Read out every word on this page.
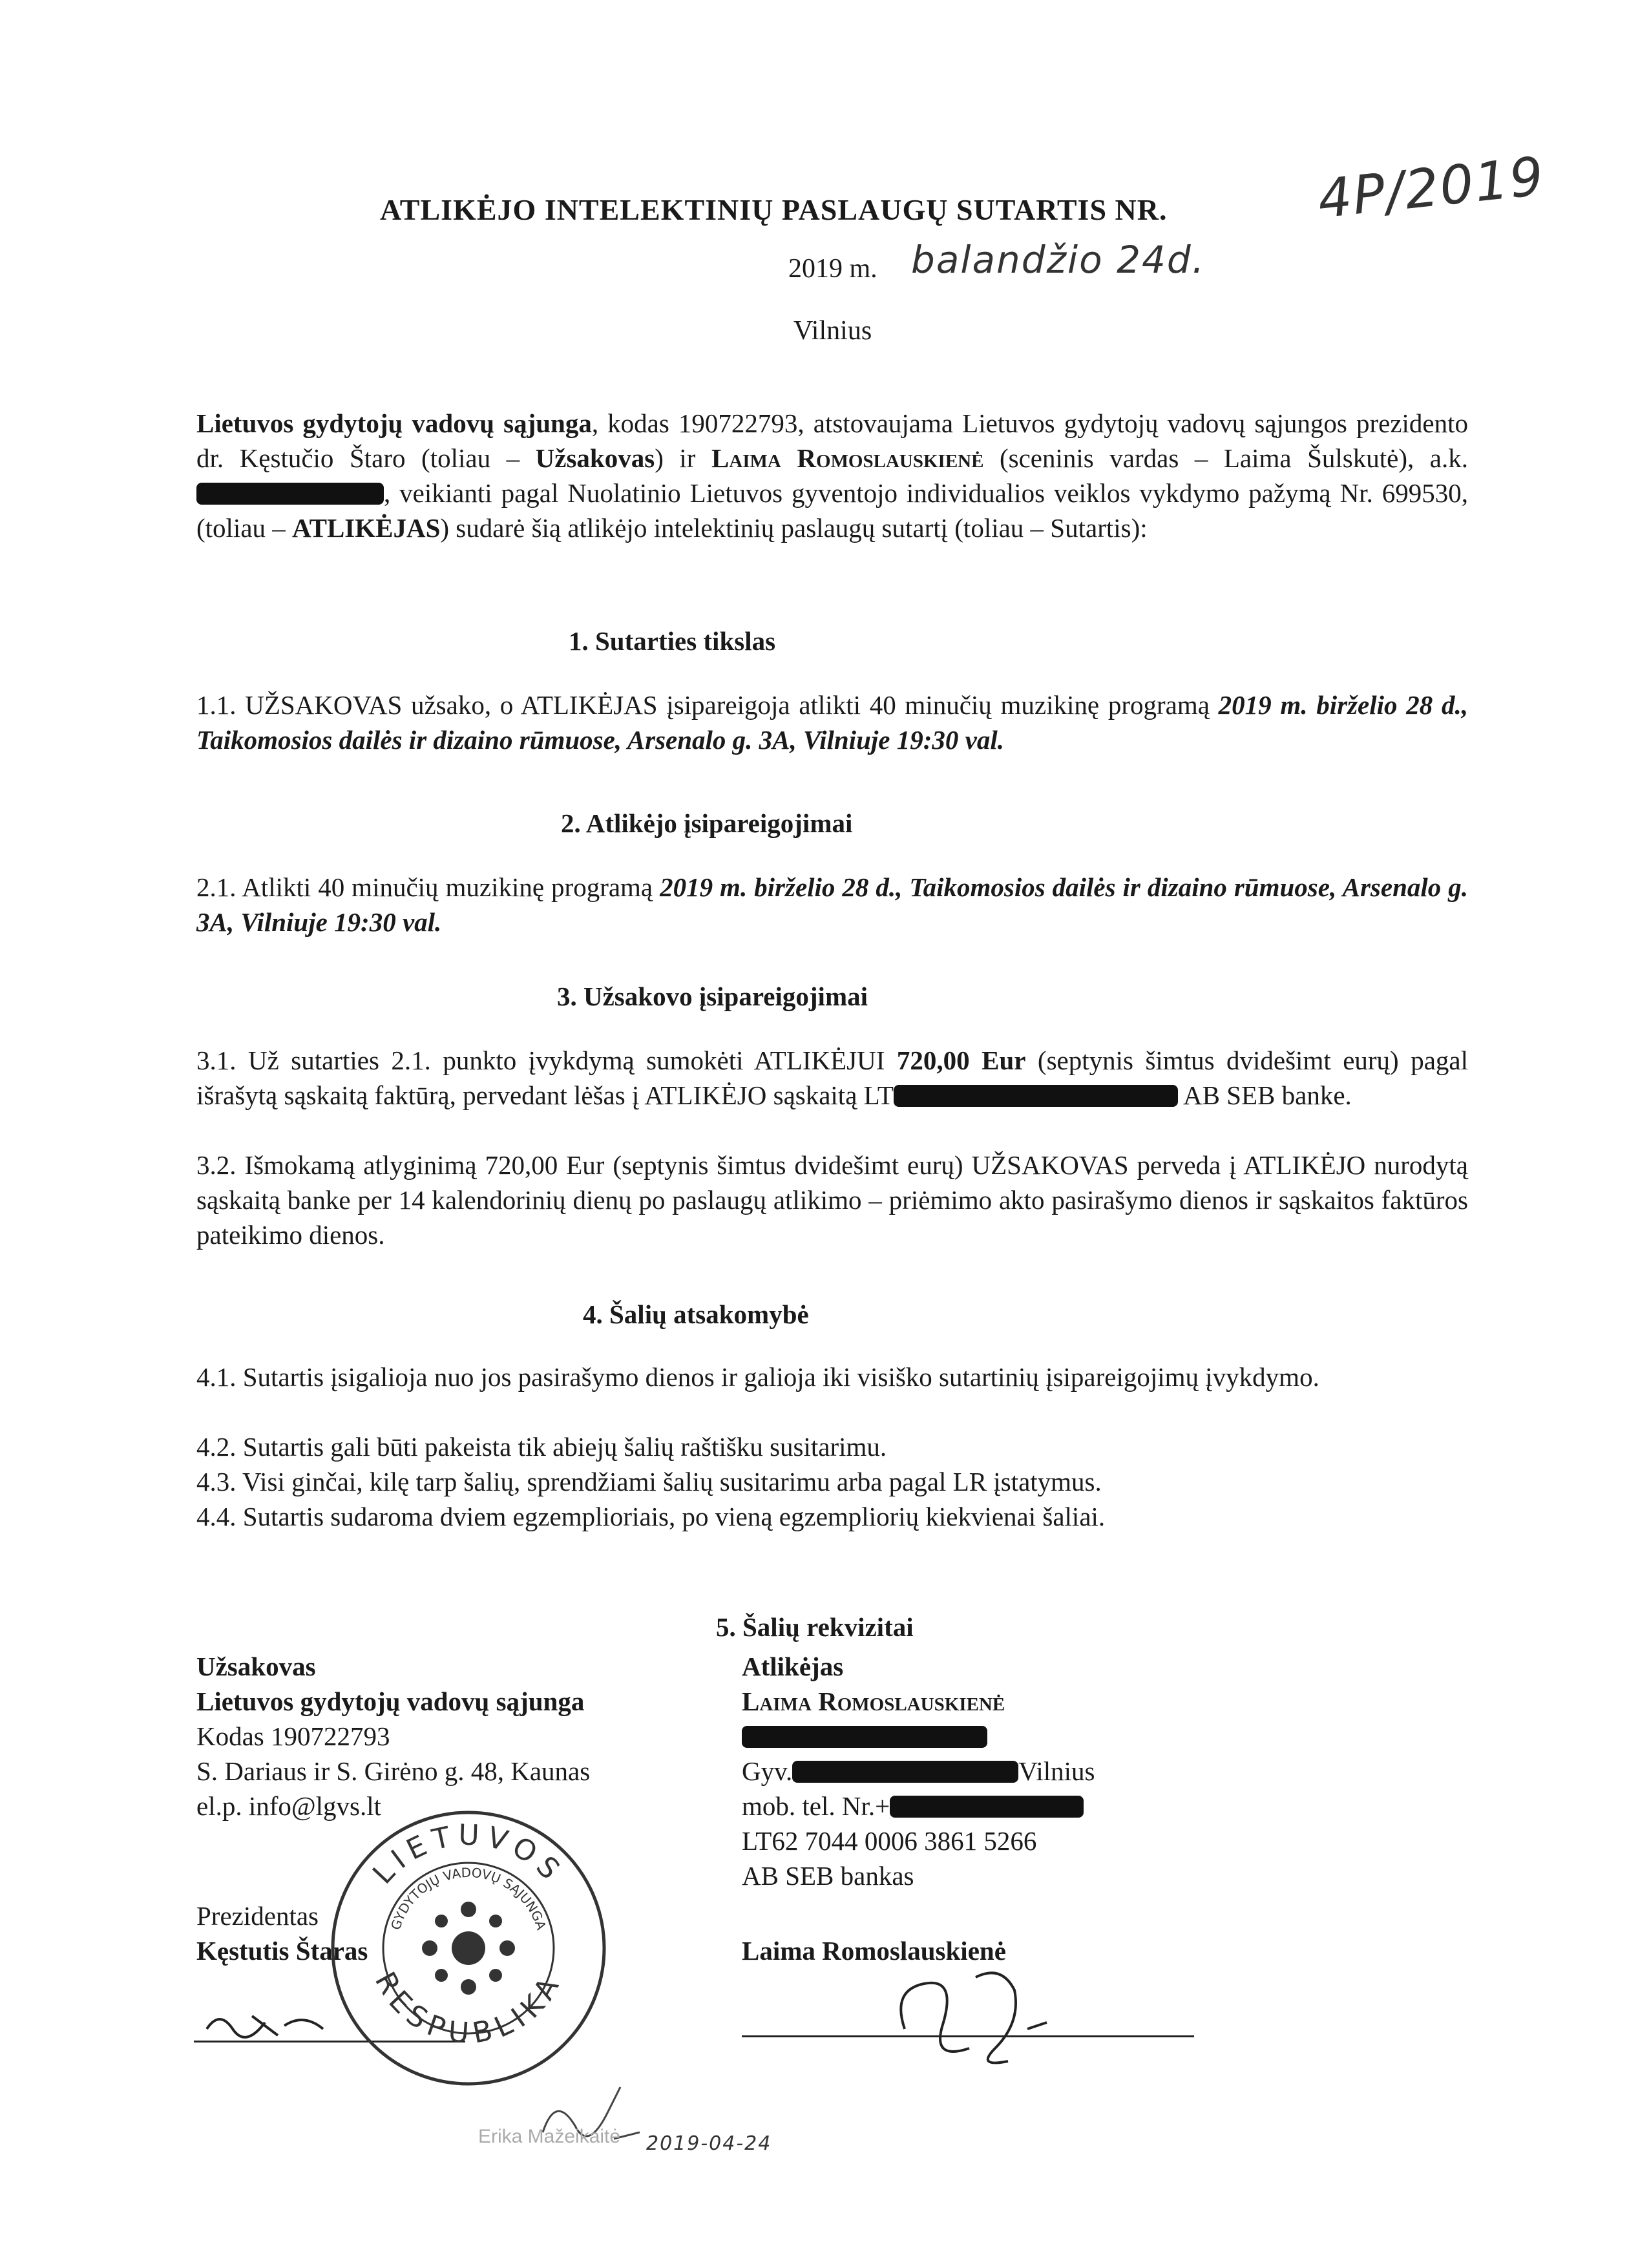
ATLIKĖJO INTELEKTINIŲ PASLAUGŲ SUTARTIS NR.	4P/2019
2019 m. balandžio 24d.
Vilnius
Lietuvos gydytojų vadovų sąjunga, kodas 190722793, atstovaujama Lietuvos gydytojų vadovų sąjungos prezidento dr. Kęstučio Štaro (toliau – Užsakovas) ir Laima Romoslauskienė (sceninis vardas – Laima Šulskutė), a.k., veikianti pagal Nuolatinio Lietuvos gyventojo individualios veiklos vykdymo pažymą Nr. 699530, (toliau – ATLIKĖJAS) sudarė šią atlikėjo intelektinių paslaugų sutartį (toliau – Sutartis):
1. Sutarties tikslas
1.1. UŽSAKOVAS užsako, o ATLIKĖJAS įsipareigoja atlikti 40 minučių muzikinę programą 2019 m. birželio 28 d., Taikomosios dailės ir dizaino rūmuose, Arsenalo g. 3A, Vilniuje 19:30 val.
2. Atlikėjo įsipareigojimai
2.1. Atlikti 40 minučių muzikinę programą 2019 m. birželio 28 d., Taikomosios dailės ir dizaino rūmuose, Arsenalo g. 3A, Vilniuje 19:30 val.
3. Užsakovo įsipareigojimai
3.1. Už sutarties 2.1. punkto įvykdymą sumokėti ATLIKĖJUI 720,00 Eur (septynis šimtus dvidešimt eurų) pagal išrašytą sąskaitą faktūrą, pervedant lėšas į ATLIKĖJO sąskaitą LT	AB SEB banke.
3.2. Išmokamą atlyginimą 720,00 Eur (septynis šimtus dvidešimt eurų) UŽSAKOVAS perveda į ATLIKĖJO nurodytą sąskaitą banke per 14 kalendorinių dienų po paslaugų atlikimo – priėmimo akto pasirašymo dienos ir sąskaitos faktūros pateikimo dienos.
4. Šalių atsakomybė
4.1. Sutartis įsigalioja nuo jos pasirašymo dienos ir galioja iki visiško sutartinių įsipareigojimų įvykdymo.
4.2. Sutartis gali būti pakeista tik abiejų šalių raštišku susitarimu.
4.3. Visi ginčai, kilę tarp šalių, sprendžiami šalių susitarimu arba pagal LR įstatymus.
4.4. Sutartis sudaroma dviem egzemplioriais, po vieną egzempliorių kiekvienai šaliai.
5. Šalių rekvizitai
Užsakovas
Lietuvos gydytojų vadovų sąjunga
Kodas 190722793
S. Dariaus ir S. Girėno g. 48, Kaunas
el.p. info@lgvs.lt
Prezidentas
Kęstutis Štaras
LIETUVOS
RESPUBLIKA
GYDYTOJŲ VADOVŲ SĄJUNGA
Atlikėjas
Laima Romoslauskienė
Gyv.	Vilnius
mob. tel. Nr.+
LT62 7044 0006 3861 5266
AB SEB bankas
Laima Romoslauskienė
Erika Mažeikaitė 2019-04-24
